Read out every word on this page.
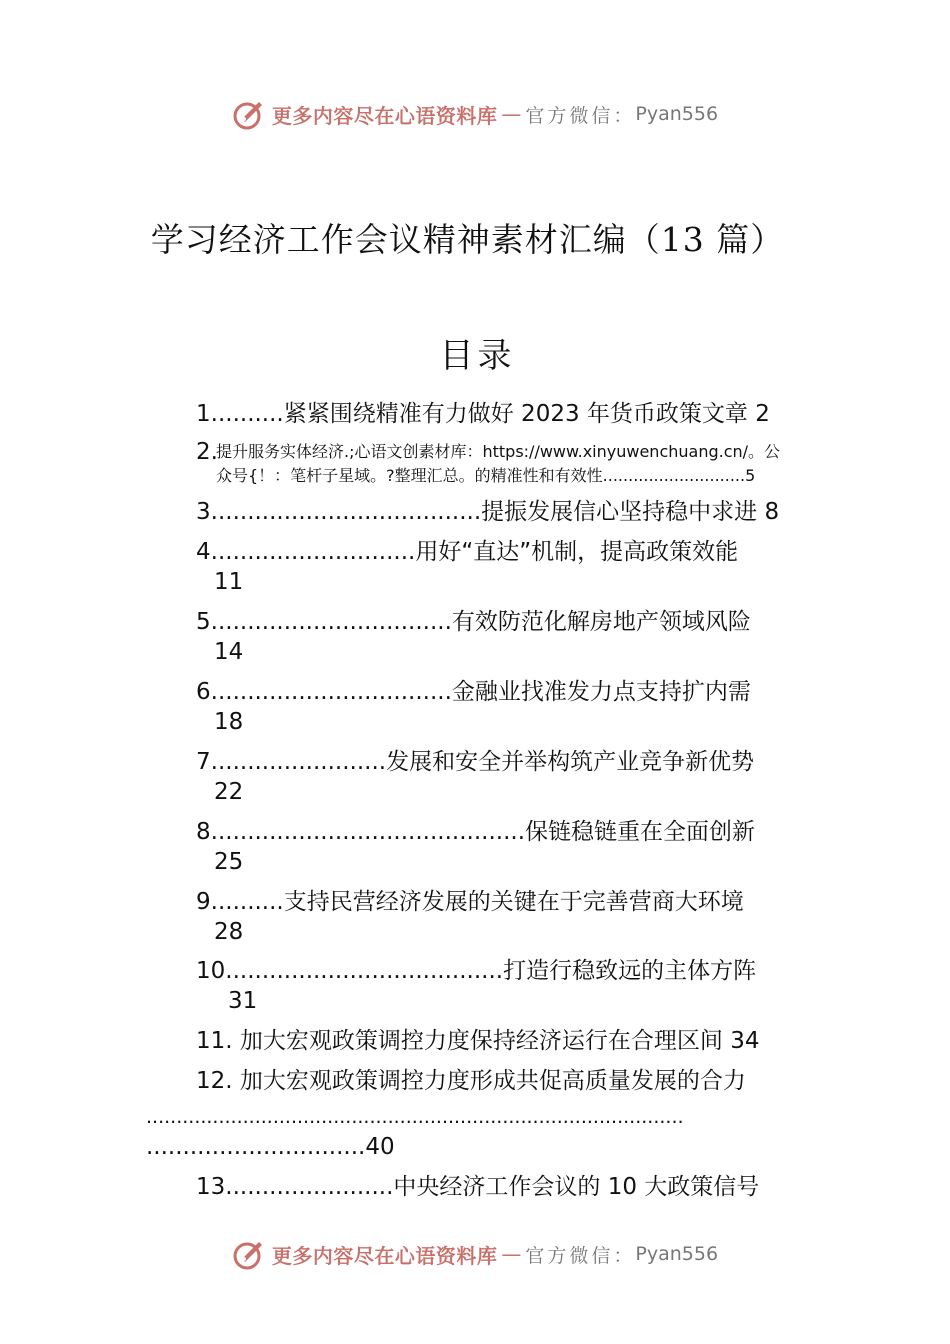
更多内容尽在心语资料库 — 官方微信： Pyan556
学习经济工作会议精神素材汇编（13 篇）
目录
1..........紧紧围绕精准有力做好 2023 年货币政策文章 2
2.
提升服务实体经济.;心语文创素材库：https://www.xinyuwenchuang.cn/。公
众号{！：笔杆子星域。?整理汇总。的精准性和有效性............................5
3.....................................提振发展信心坚持稳中求进 8
4............................用好“直达”机制，提高政策效能
11
5.................................有效防范化解房地产领域风险
14
6.................................金融业找准发力点支持扩内需
18
7........................发展和安全并举构筑产业竞争新优势
22
8...........................................保链稳链重在全面创新
25
9..........支持民营经济发展的关键在于完善营商大环境
28
10......................................打造行稳致远的主体方阵
31
11. 加大宏观政策调控力度保持经济运行在合理区间 34
12. 加大宏观政策调控力度形成共促高质量发展的合力
.........................................................................................
..............................40
13.......................中央经济工作会议的 10 大政策信号
更多内容尽在心语资料库 — 官方微信： Pyan556
